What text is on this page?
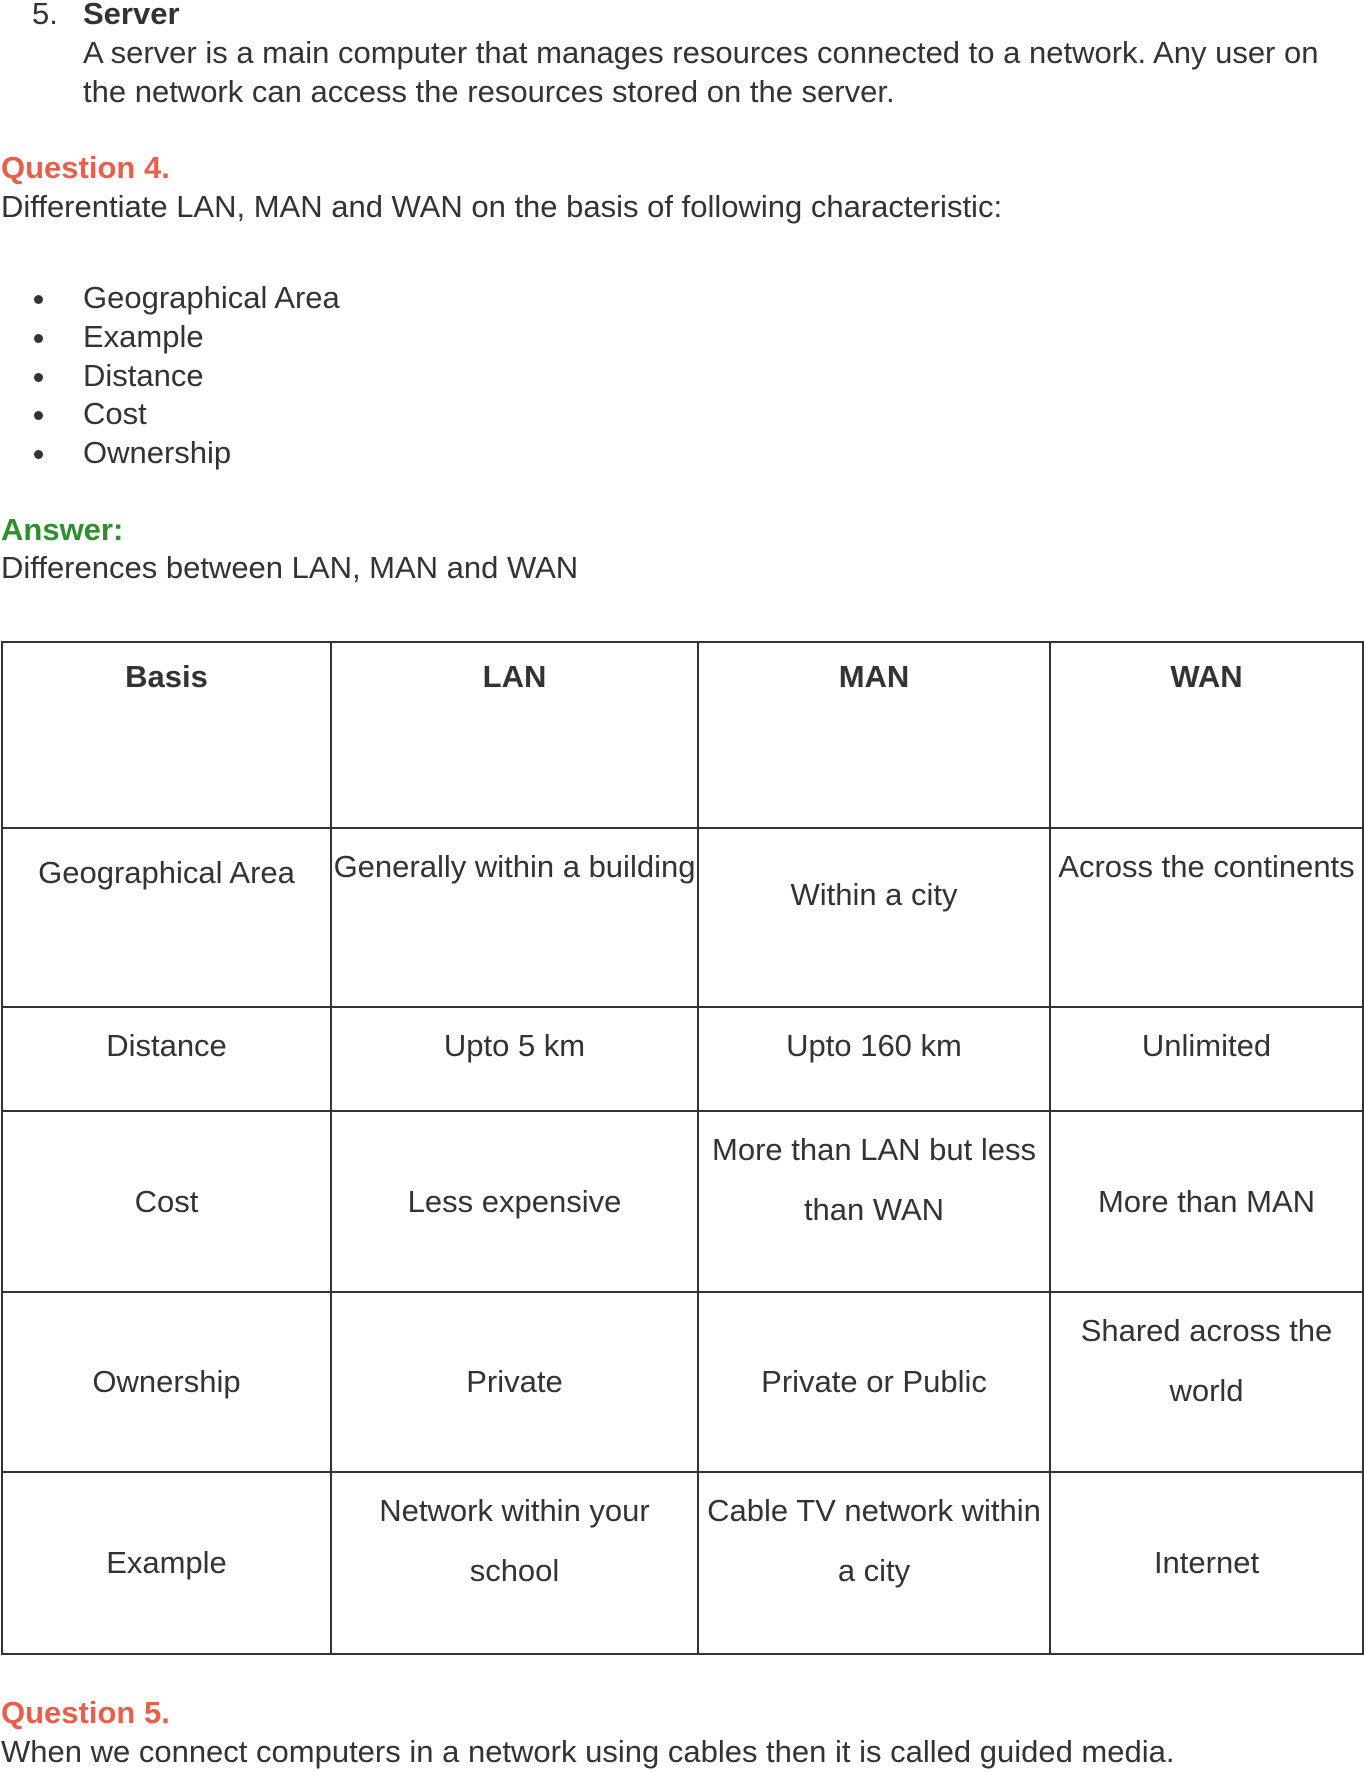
5. Server
A server is a main computer that manages resources connected to a network. Any user on the network can access the resources stored on the server.
Question 4.
Differentiate LAN, MAN and WAN on the basis of following characteristic:
Geographical Area
Example
Distance
Cost
Ownership
Answer:
Differences between LAN, MAN and WAN
Basis	LAN	MAN	WAN
Geographical Area	Generally within a building	Within a city	Across the continents
Distance	Upto 5 km	Upto 160 km	Unlimited
Cost	Less expensive	More than LAN but less than WAN	More than MAN
Ownership	Private	Private or Public	Shared across the world
Example	Network within your school	Cable TV network within a city	Internet
Question 5.
When we connect computers in a network using cables then it is called guided media.
